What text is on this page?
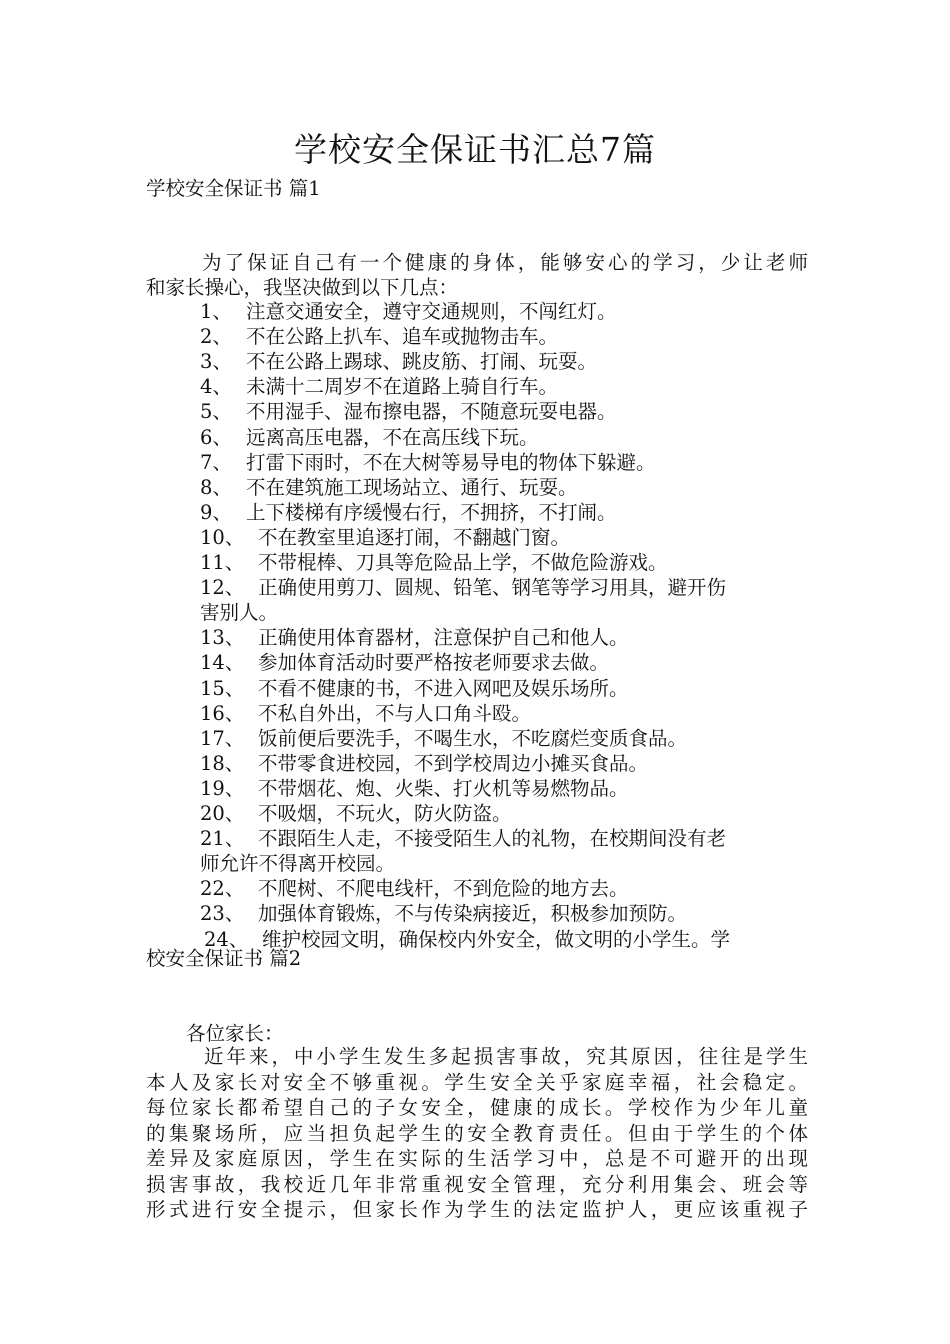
学校安全保证书汇总7篇
学校安全保证书 篇1
为了保证自己有一个健康的身体，能够安心的学习，少让老师
和家长操心，我坚决做到以下几点：
1、 注意交通安全，遵守交通规则，不闯红灯。
2、 不在公路上扒车、追车或抛物击车。
3、 不在公路上踢球、跳皮筋、打闹、玩耍。
4、 未满十二周岁不在道路上骑自行车。
5、 不用湿手、湿布擦电器，不随意玩耍电器。
6、 远离高压电器，不在高压线下玩。
7、 打雷下雨时，不在大树等易导电的物体下躲避。
8、 不在建筑施工现场站立、通行、玩耍。
9、 上下楼梯有序缓慢右行，不拥挤，不打闹。
10、 不在教室里追逐打闹，不翻越门窗。
11、 不带棍棒、刀具等危险品上学，不做危险游戏。
12、 正确使用剪刀、圆规、铅笔、钢笔等学习用具，避开伤
害别人。
13、 正确使用体育器材，注意保护自己和他人。
14、 参加体育活动时要严格按老师要求去做。
15、 不看不健康的书，不进入网吧及娱乐场所。
16、 不私自外出，不与人口角斗殴。
17、 饭前便后要洗手，不喝生水，不吃腐烂变质食品。
18、 不带零食进校园，不到学校周边小摊买食品。
19、 不带烟花、炮、火柴、打火机等易燃物品。
20、 不吸烟，不玩火，防火防盗。
21、 不跟陌生人走，不接受陌生人的礼物，在校期间没有老
师允许不得离开校园。
22、 不爬树、不爬电线杆，不到危险的地方去。
23、 加强体育锻炼，不与传染病接近，积极参加预防。
24、 维护校园文明，确保校内外安全，做文明的小学生。学
校安全保证书 篇2
各位家长：
近年来，中小学生发生多起损害事故，究其原因，往往是学生
本人及家长对安全不够重视。学生安全关乎家庭幸福，社会稳定。
每位家长都希望自己的子女安全，健康的成长。学校作为少年儿童
的集聚场所，应当担负起学生的安全教育责任。但由于学生的个体
差异及家庭原因，学生在实际的生活学习中，总是不可避开的出现
损害事故，我校近几年非常重视安全管理，充分利用集会、班会等
形式进行安全提示，但家长作为学生的法定监护人，更应该重视子
